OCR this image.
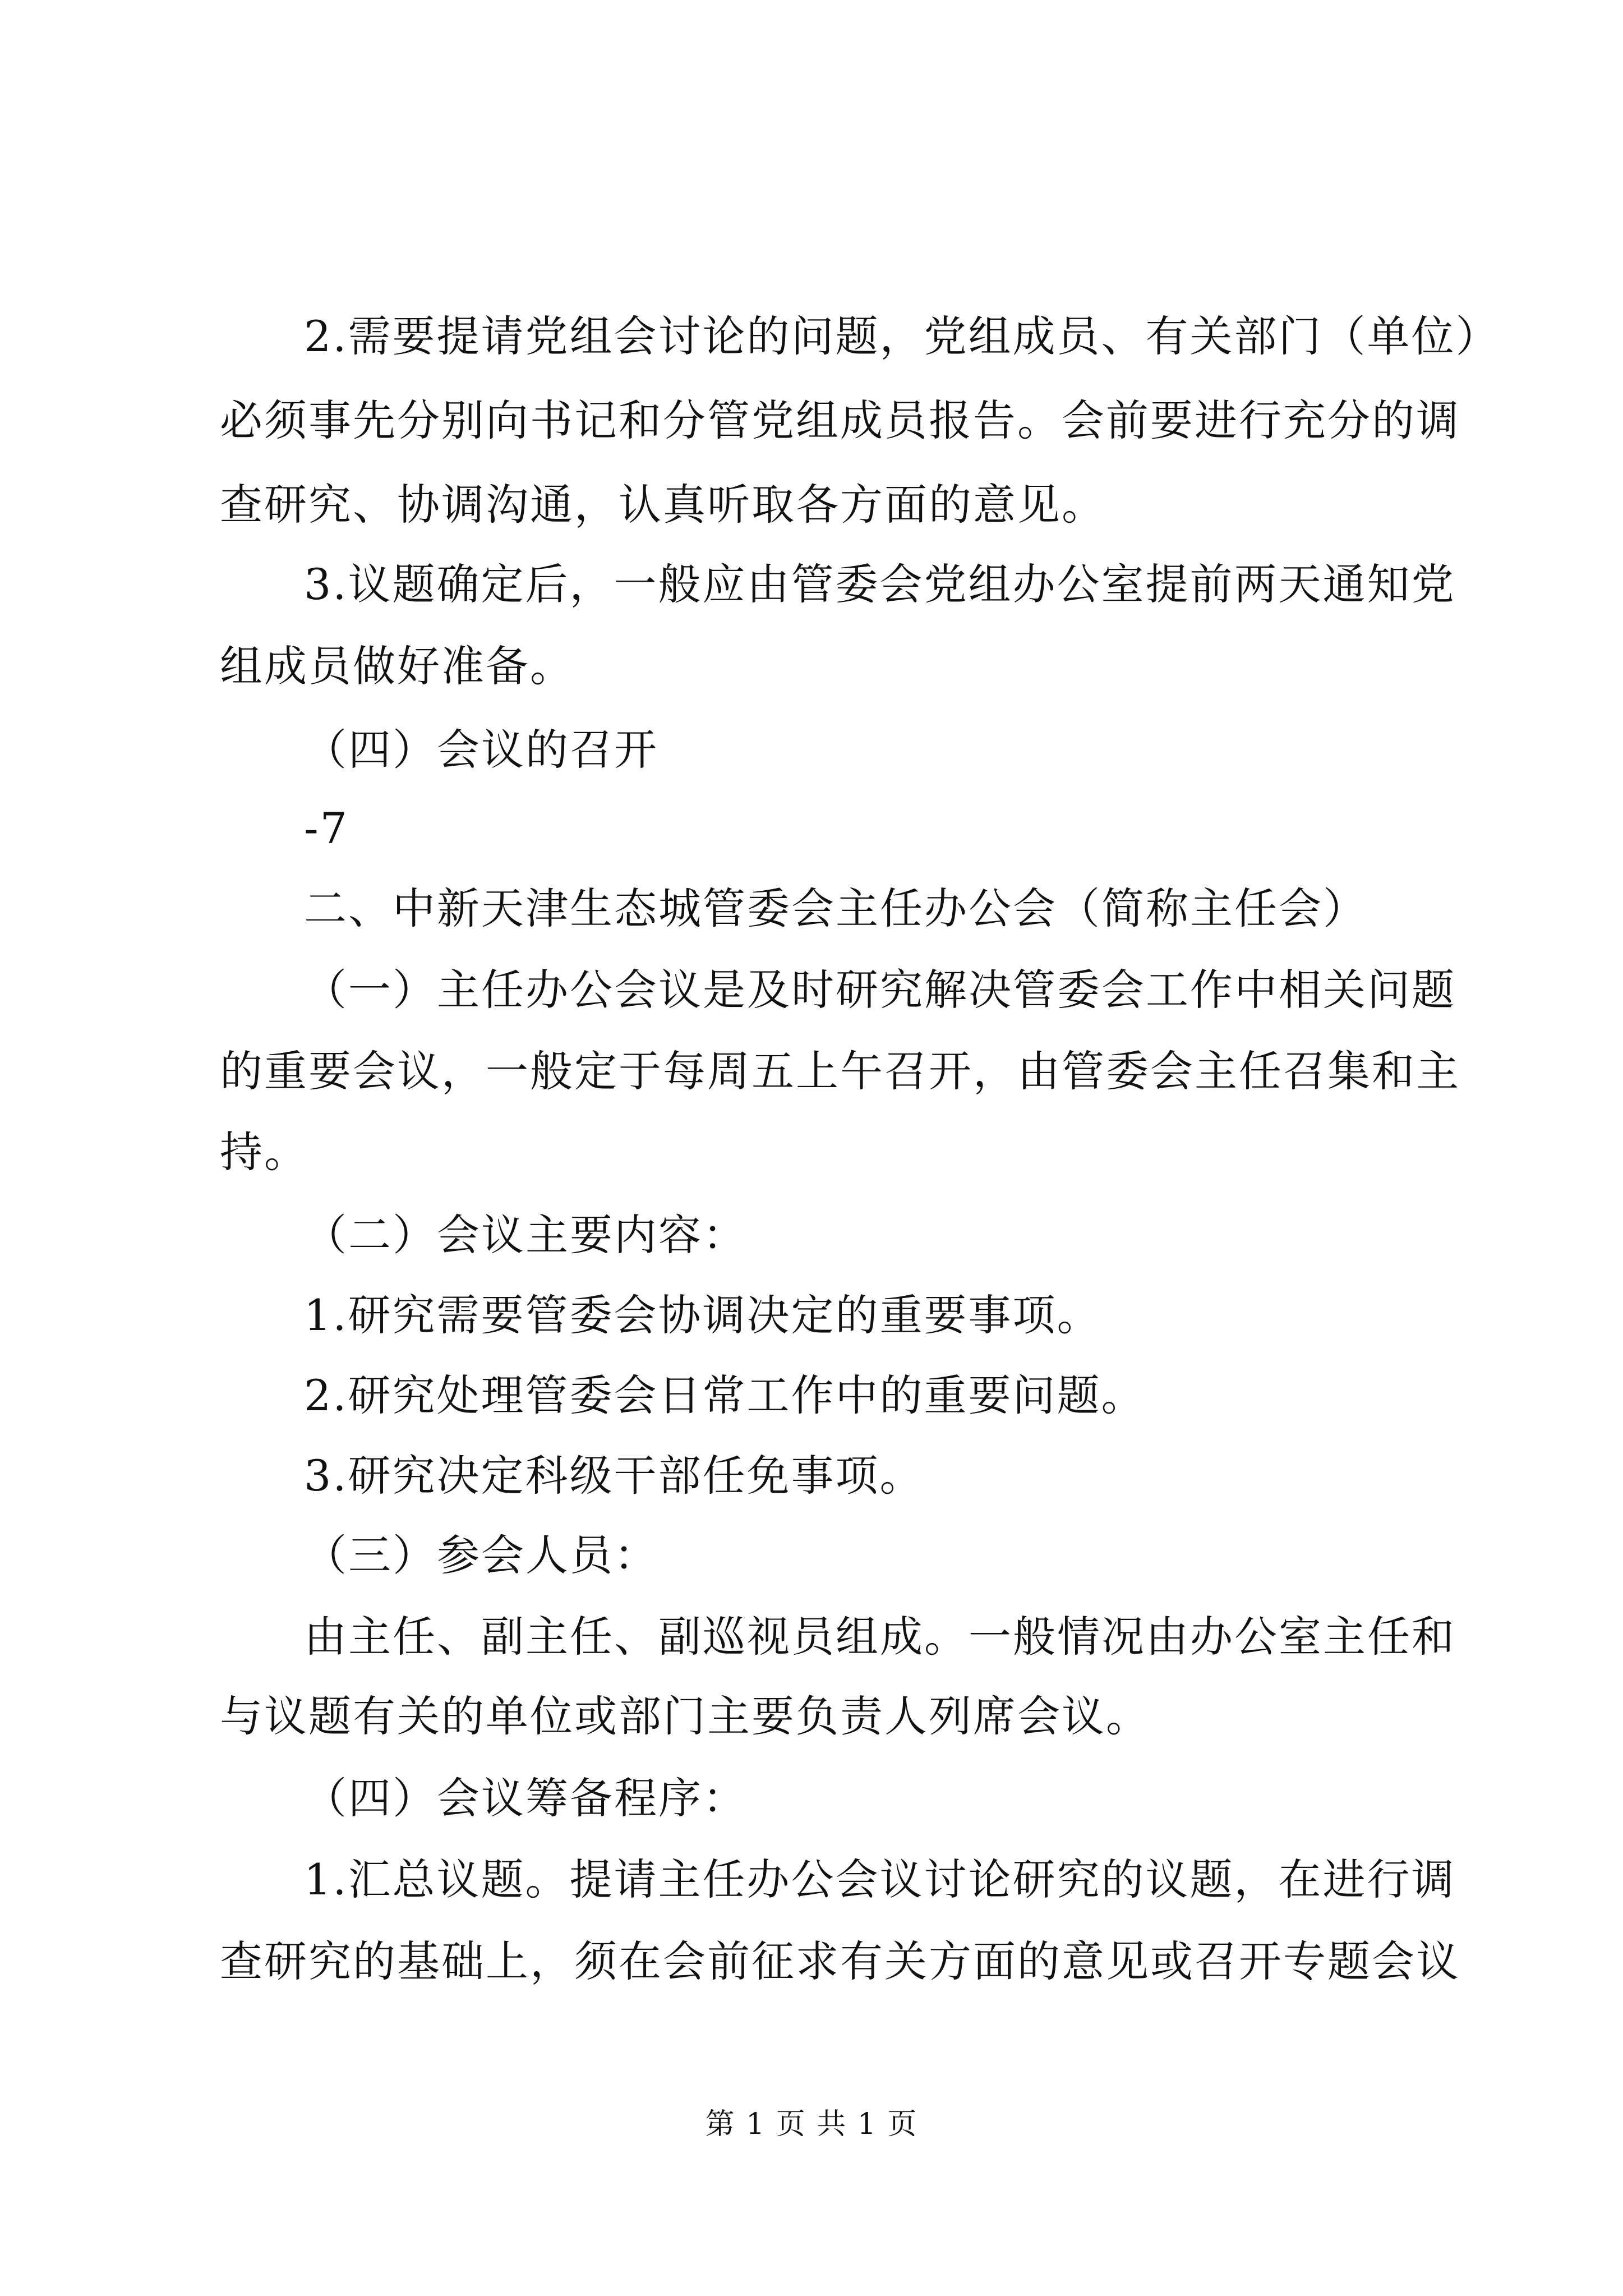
2.需要提请党组会讨论的问题，党组成员、有关部门（单位）
必须事先分别向书记和分管党组成员报告。会前要进行充分的调
查研究、协调沟通，认真听取各方面的意见。
3.议题确定后，一般应由管委会党组办公室提前两天通知党
组成员做好准备。
（四）会议的召开
-7
二、中新天津生态城管委会主任办公会（简称主任会）
（一）主任办公会议是及时研究解决管委会工作中相关问题
的重要会议，一般定于每周五上午召开，由管委会主任召集和主
持。
（二）会议主要内容：
1.研究需要管委会协调决定的重要事项。
2.研究处理管委会日常工作中的重要问题。
3.研究决定科级干部任免事项。
（三）参会人员：
由主任、副主任、副巡视员组成。一般情况由办公室主任和
与议题有关的单位或部门主要负责人列席会议。
（四）会议筹备程序：
1.汇总议题。提请主任办公会议讨论研究的议题，在进行调
查研究的基础上，须在会前征求有关方面的意见或召开专题会议
第 1 页 共 1 页
